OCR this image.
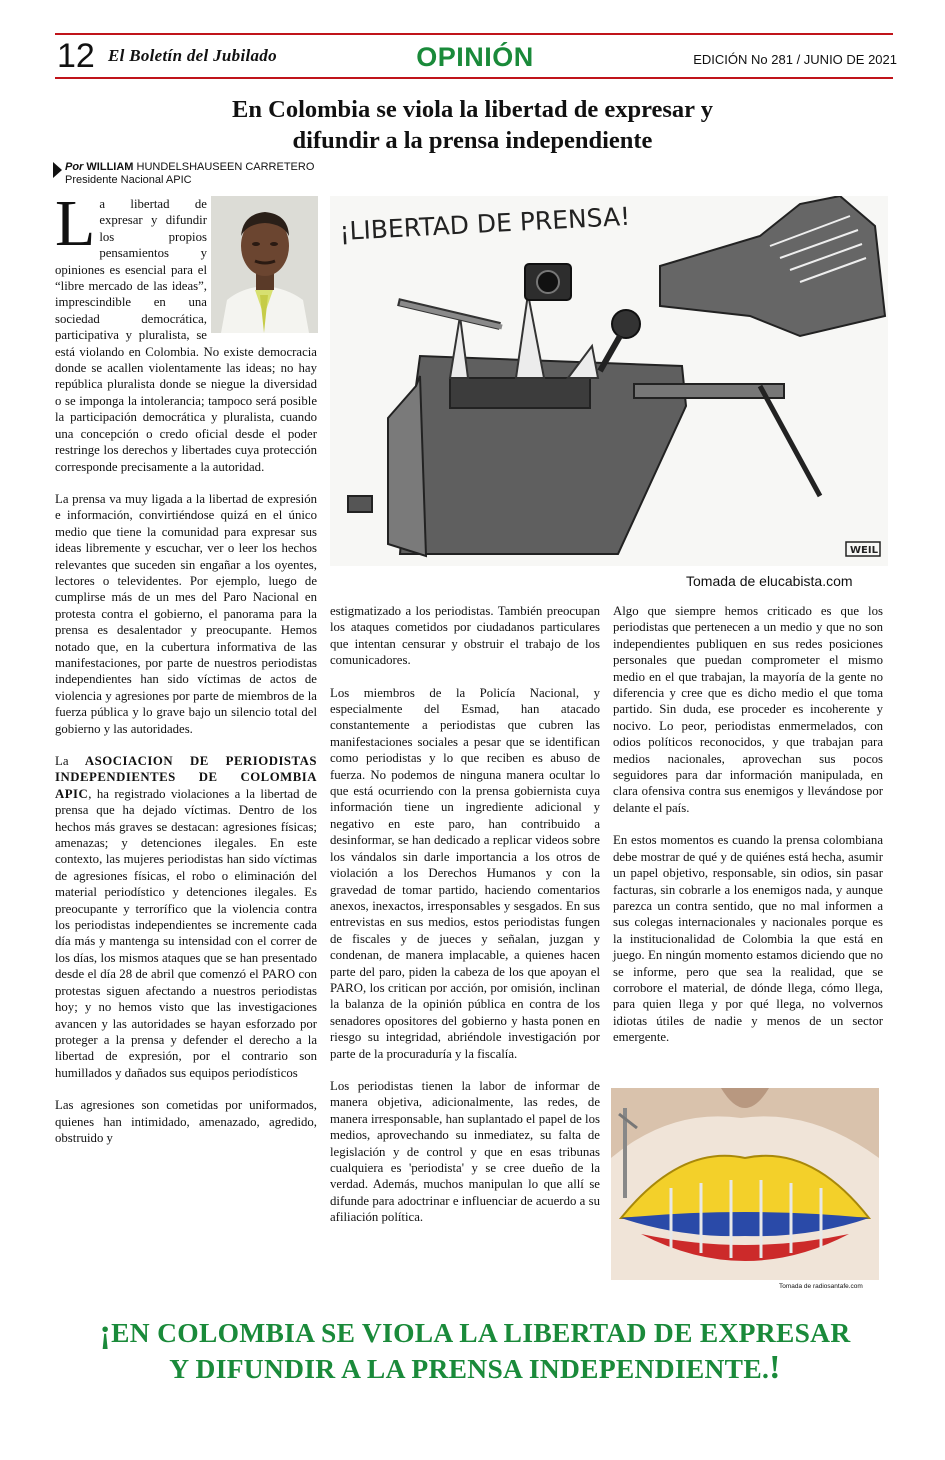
12 El Boletín del Jubilado	OPINIÓN	EDICIÓN No 281 / JUNIO DE 2021
En Colombia se viola la libertad de expresar y
difundir a la prensa independiente
Por WILLIAM HUNDELSHAUSEEN CARRETERO
Presidente Nacional APIC

La libertad de expresar y difundir los propios pensamientos y opiniones es esencial para el “libre mercado de las ideas”, imprescindible en una sociedad democrática, participativa y pluralista, se está violando en Colombia. No existe democracia donde se acallen violentamente las ideas; no hay república pluralista donde se niegue la diversidad o se imponga la intolerancia; tampoco será posible la participación democrática y pluralista, cuando una concepción o credo oficial desde el poder restringe los derechos y libertades cuya protección corresponde precisamente a la autoridad.

La prensa va muy ligada a la libertad de expresión e información, convirtiéndose quizá en el único medio que tiene la comunidad para expresar sus ideas libremente y escuchar, ver o leer los hechos relevantes que suceden sin engañar a los oyentes, lectores o televidentes. Por ejemplo, luego de cumplirse más de un mes del Paro Nacional en protesta contra el gobierno, el panorama para la prensa es desalentador y preocupante. Hemos notado que, en la cubertura informativa de las manifestaciones, por parte de nuestros periodistas independientes han sido víctimas de actos de violencia y agresiones por parte de miembros de la fuerza pública y lo grave bajo un silencio total del gobierno y las autoridades.

La ASOCIACION DE PERIODISTAS INDEPENDIENTES DE COLOMBIA APIC, ha registrado violaciones a la libertad de prensa que ha dejado víctimas. Dentro de los hechos más graves se destacan: agresiones físicas; amenazas; y detenciones ilegales. En este contexto, las mujeres periodistas han sido víctimas de agresiones físicas, el robo o eliminación del material periodístico y detenciones ilegales. Es preocupante y terrorífico que la violencia contra los periodistas independientes se incremente cada día más y mantenga su intensidad con el correr de los días, los mismos ataques que se han presentado desde el día 28 de abril que comenzó el PARO con protestas siguen afectando a nuestros periodistas hoy; y no hemos visto que las investigaciones avancen y las autoridades se hayan esforzado por proteger a la prensa y defender el derecho a la libertad de expresión, por el contrario son humillados y dañados sus equipos periodísticos

Las agresiones son cometidas por uniformados, quienes han intimidado, amenazado, agredido, obstruido y

¡LIBERTAD DE PRENSA!
WEIL
Tomada de elucabista.com

estigmatizado a los periodistas. También preocupan los ataques cometidos por ciudadanos particulares que intentan censurar y obstruir el trabajo de los comunicadores.

Los miembros de la Policía Nacional, y especialmente del Esmad, han atacado constantemente a periodistas que cubren las manifestaciones sociales a pesar que se identifican como periodistas y lo que reciben es abuso de fuerza. No podemos de ninguna manera ocultar lo que está ocurriendo con la prensa gobiernista cuya información tiene un ingrediente adicional y negativo en este paro, han contribuido a desinformar, se han dedicado a replicar videos sobre los vándalos sin darle importancia a los otros de violación a los Derechos Humanos y con la gravedad de tomar partido, haciendo comentarios anexos, inexactos, irresponsables y sesgados. En sus entrevistas en sus medios, estos periodistas fungen de fiscales y de jueces y señalan, juzgan y condenan, de manera implacable, a quienes hacen parte del paro, piden la cabeza de los que apoyan el PARO, los critican por acción, por omisión, inclinan la balanza de la opinión pública en contra de los senadores opositores del gobierno y hasta ponen en riesgo su integridad, abriéndole investigación por parte de la procuraduría y la fiscalía.

Los periodistas tienen la labor de informar de manera objetiva, adicionalmente, las redes, de manera irresponsable, han suplantado el papel de los medios, aprovechando su inmediatez, su falta de legislación y de control y que en esas tribunas cualquiera es 'periodista' y se cree dueño de la verdad. Además, muchos manipulan lo que allí se difunde para adoctrinar e influenciar de acuerdo a su afiliación política.

Algo que siempre hemos criticado es que los periodistas que pertenecen a un medio y que no son independientes publiquen en sus redes posiciones personales que puedan comprometer el mismo medio en el que trabajan, la mayoría de la gente no diferencia y cree que es dicho medio el que toma partido. Sin duda, ese proceder es incoherente y nocivo. Lo peor, periodistas enmermelados, con odios políticos reconocidos, y que trabajan para medios nacionales, aprovechan sus pocos seguidores para dar información manipulada, en clara ofensiva contra sus enemigos y llevándose por delante el país.

En estos momentos es cuando la prensa colombiana debe mostrar de qué y de quiénes está hecha, asumir un papel objetivo, responsable, sin odios, sin pasar facturas, sin cobrarle a los enemigos nada, y aunque parezca un contra sentido, que no mal informen a sus colegas internacionales y nacionales porque es la institucionalidad de Colombia la que está en juego. En ningún momento estamos diciendo que no se informe, pero que sea la realidad, que se corrobore el material, de dónde llega, cómo llega, para quien llega y por qué llega, no volvernos idiotas útiles de nadie y menos de un sector emergente.

Tomada de radiosantafe.com
¡EN COLOMBIA SE VIOLA LA LIBERTAD DE EXPRESAR
Y DIFUNDIR A LA PRENSA INDEPENDIENTE.!
